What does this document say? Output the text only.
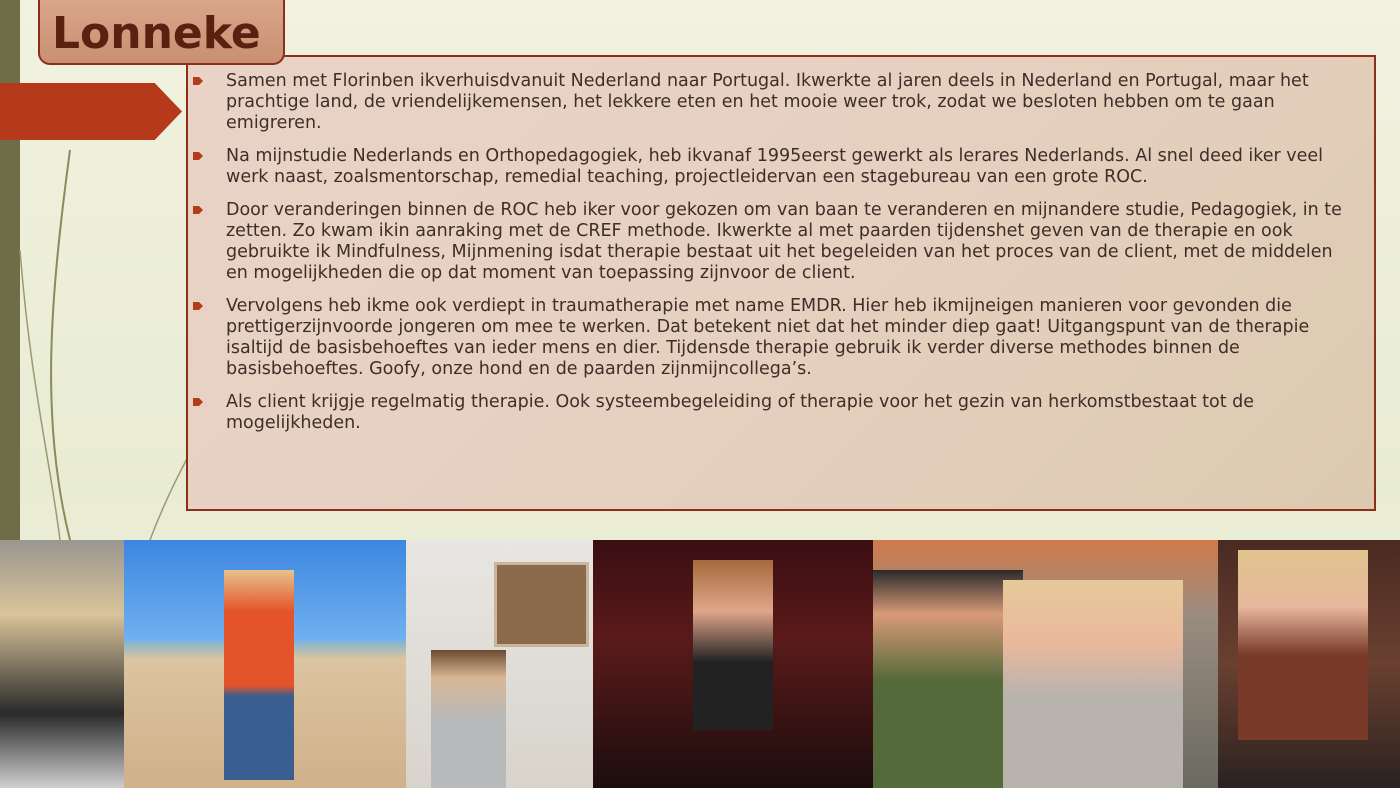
Lonneke
Samen met Florinben ikverhuisdvanuit Nederland naar Portugal. Ikwerkte al jaren deels in Nederland en Portugal, maar het prachtige land, de vriendelijkemensen, het lekkere eten en het mooie weer trok, zodat we besloten hebben om te gaan emigreren.
Na mijnstudie Nederlands en Orthopedagogiek, heb ikvanaf 1995eerst gewerkt als lerares Nederlands. Al snel deed iker veel werk naast, zoalsmentorschap, remedial teaching, projectleidervan een stagebureau van een grote ROC.
Door veranderingen binnen de ROC heb iker voor gekozen om van baan te veranderen en mijnandere studie, Pedagogiek, in te zetten. Zo kwam ikin aanraking met de CREF methode. Ikwerkte al met paarden tijdenshet geven van de therapie en ook gebruikte ik Mindfulness, Mijnmening isdat therapie bestaat uit het begeleiden van het proces van de client, met de middelen en mogelijkheden die op dat moment van toepassing zijnvoor de client.
Vervolgens heb ikme ook verdiept in traumatherapie met name EMDR. Hier heb ikmijneigen manieren voor gevonden die prettigerzijnvoorde jongeren om mee te werken. Dat betekent niet dat het minder diep gaat! Uitgangspunt van de therapie isaltijd de basisbehoeftes van ieder mens en dier. Tijdensde therapie gebruik ik verder diverse methodes binnen de basisbehoeftes. Goofy, onze hond en de paarden zijnmijncollega’s.
Als client krijgje regelmatig therapie. Ook systeembegeleiding of therapie voor het gezin van herkomstbestaat tot de mogelijkheden.
